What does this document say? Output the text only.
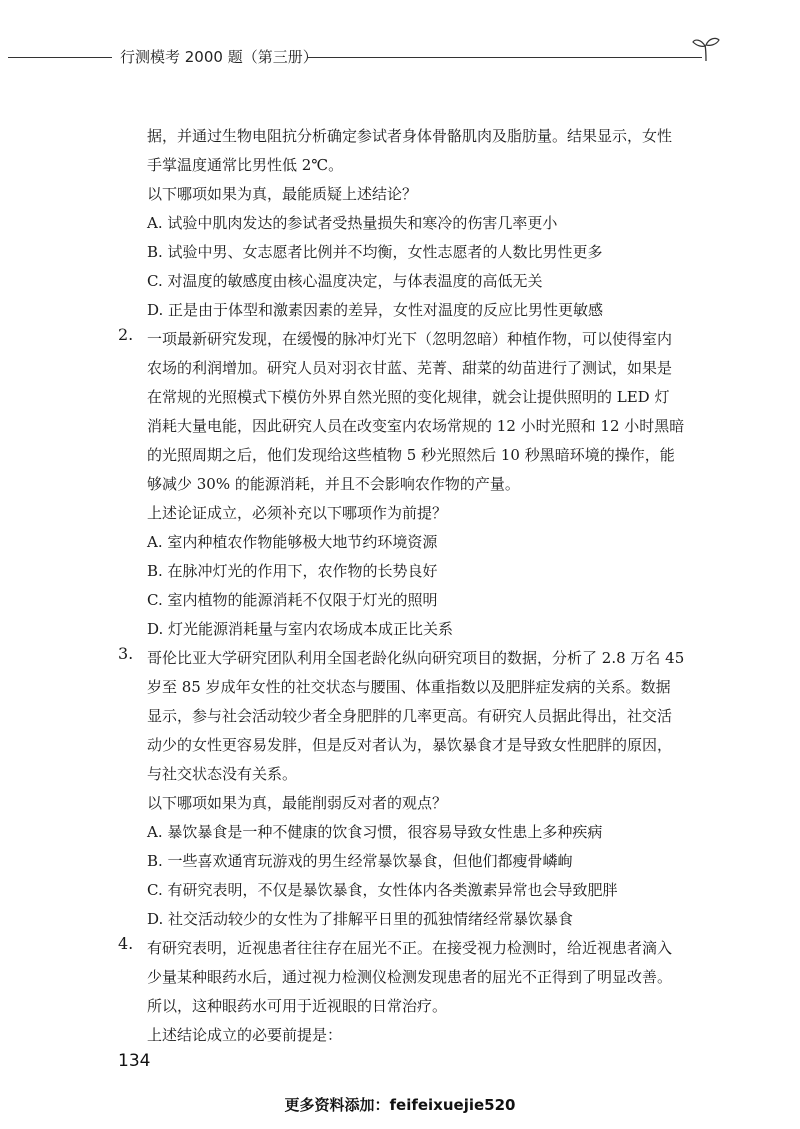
行测模考 2000 题（第三册）

据，并通过生物电阻抗分析确定参试者身体骨骼肌肉及脂肪量。结果显示，女性

手掌温度通常比男性低 2℃。

以下哪项如果为真，最能质疑上述结论？

A. 试验中肌肉发达的参试者受热量损失和寒冷的伤害几率更小

B. 试验中男、女志愿者比例并不均衡，女性志愿者的人数比男性更多

C. 对温度的敏感度由核心温度决定，与体表温度的高低无关

D. 正是由于体型和激素因素的差异，女性对温度的反应比男性更敏感

2. 一项最新研究发现，在缓慢的脉冲灯光下（忽明忽暗）种植作物，可以使得室内

农场的利润增加。研究人员对羽衣甘蓝、芜菁、甜菜的幼苗进行了测试，如果是

在常规的光照模式下模仿外界自然光照的变化规律，就会让提供照明的 LED 灯

消耗大量电能，因此研究人员在改变室内农场常规的 12 小时光照和 12 小时黑暗

的光照周期之后，他们发现给这些植物 5 秒光照然后 10 秒黑暗环境的操作，能

够减少 30% 的能源消耗，并且不会影响农作物的产量。

上述论证成立，必须补充以下哪项作为前提？

A. 室内种植农作物能够极大地节约环境资源

B. 在脉冲灯光的作用下，农作物的长势良好

C. 室内植物的能源消耗不仅限于灯光的照明

D. 灯光能源消耗量与室内农场成本成正比关系

3. 哥伦比亚大学研究团队利用全国老龄化纵向研究项目的数据，分析了 2.8 万名 45

岁至 85 岁成年女性的社交状态与腰围、体重指数以及肥胖症发病的关系。数据

显示，参与社会活动较少者全身肥胖的几率更高。有研究人员据此得出，社交活

动少的女性更容易发胖，但是反对者认为，暴饮暴食才是导致女性肥胖的原因，

与社交状态没有关系。

以下哪项如果为真，最能削弱反对者的观点？

A. 暴饮暴食是一种不健康的饮食习惯，很容易导致女性患上多种疾病

B. 一些喜欢通宵玩游戏的男生经常暴饮暴食，但他们都瘦骨嶙峋

C. 有研究表明，不仅是暴饮暴食，女性体内各类激素异常也会导致肥胖

D. 社交活动较少的女性为了排解平日里的孤独情绪经常暴饮暴食

4. 有研究表明，近视患者往往存在屈光不正。在接受视力检测时，给近视患者滴入

少量某种眼药水后，通过视力检测仪检测发现患者的屈光不正得到了明显改善。

所以，这种眼药水可用于近视眼的日常治疗。

上述结论成立的必要前提是：

134
更多资料添加：feifeixuejie520
